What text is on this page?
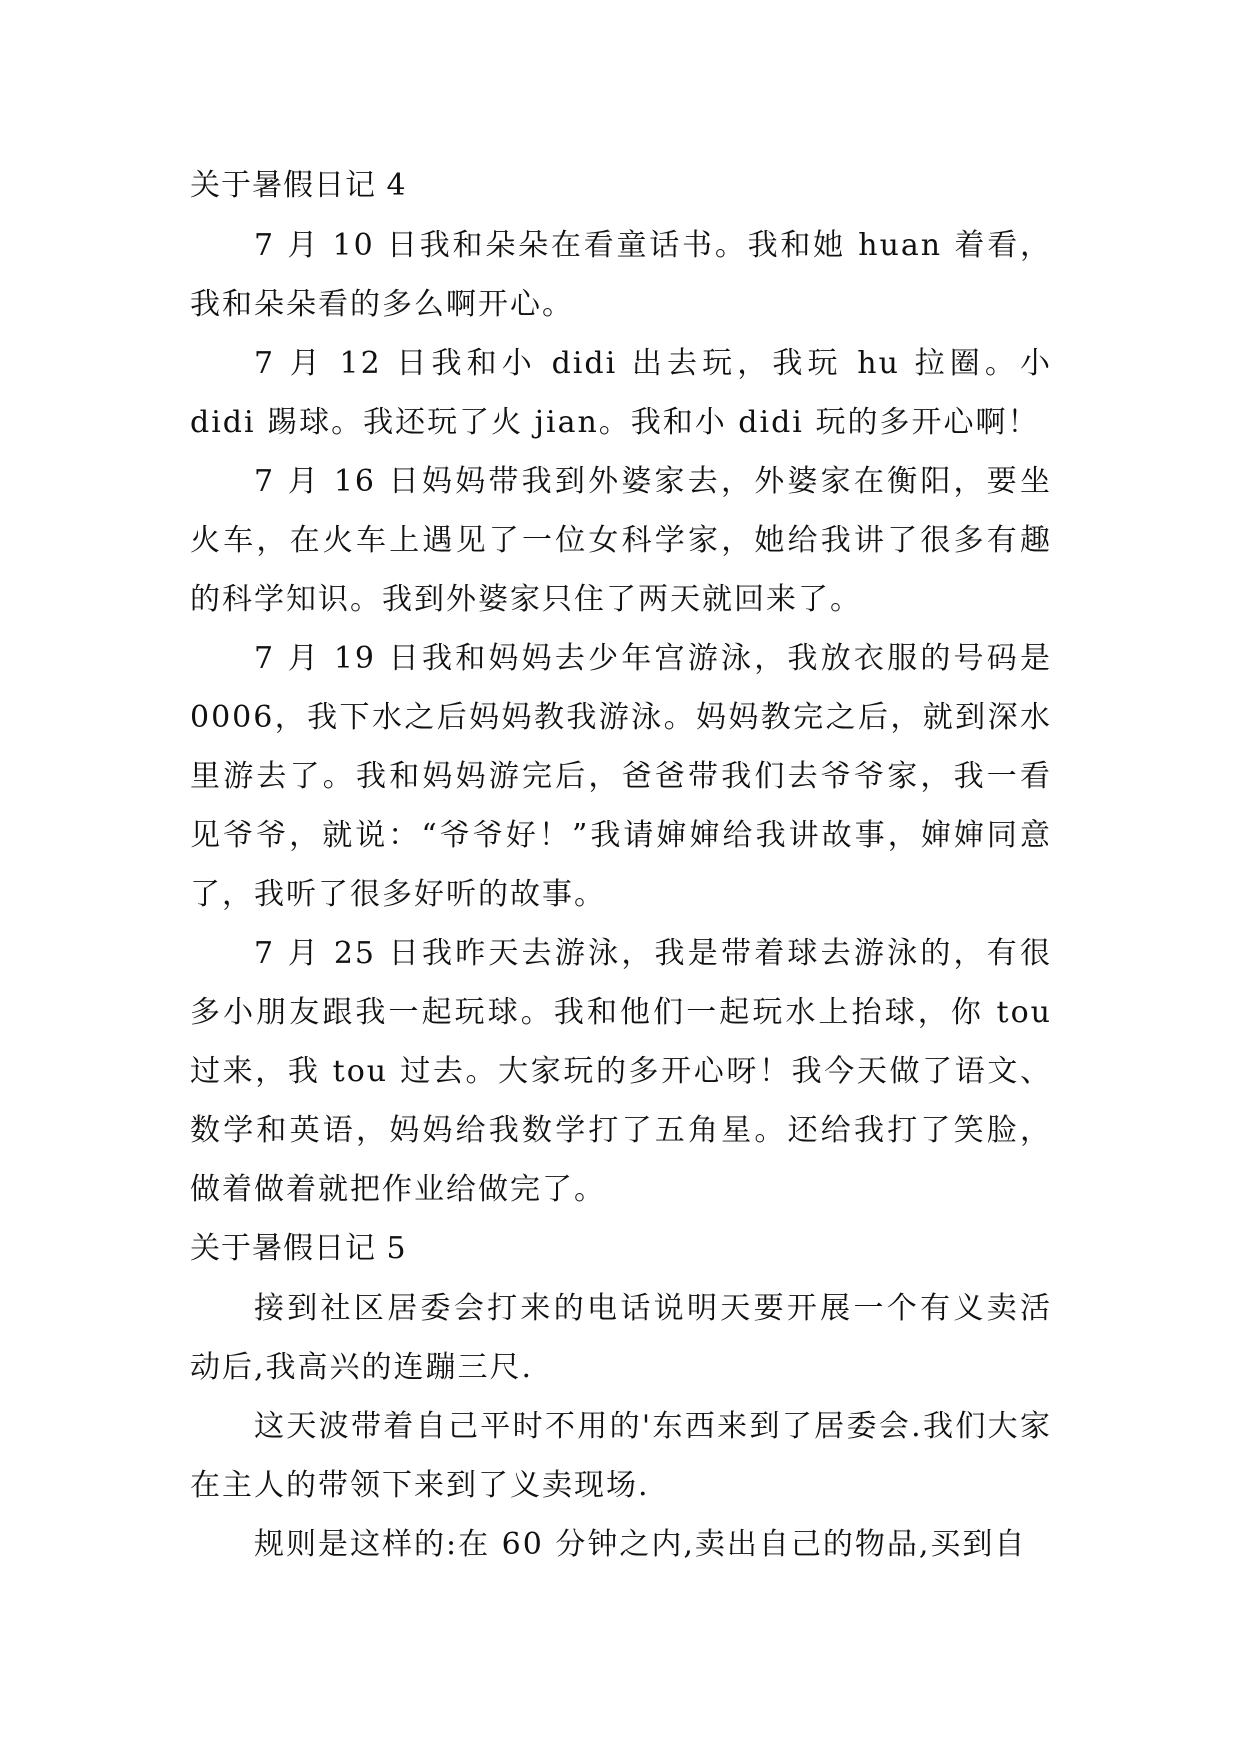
关于暑假日记 4

7 月 10 日我和朵朵在看童话书。我和她 huan 着看，我和朵朵看的多么啊开心。

7 月 12 日我和小 didi 出去玩，我玩 hu 拉圈。小 didi 踢球。我还玩了火 jian。我和小 didi 玩的多开心啊！

7 月 16 日妈妈带我到外婆家去，外婆家在衡阳，要坐火车，在火车上遇见了一位女科学家，她给我讲了很多有趣的科学知识。我到外婆家只住了两天就回来了。

7 月 19 日我和妈妈去少年宫游泳，我放衣服的号码是 0006，我下水之后妈妈教我游泳。妈妈教完之后，就到深水里游去了。我和妈妈游完后，爸爸带我们去爷爷家，我一看见爷爷，就说：“爷爷好！”我请婶婶给我讲故事，婶婶同意了，我听了很多好听的故事。

7 月 25 日我昨天去游泳，我是带着球去游泳的，有很多小朋友跟我一起玩球。我和他们一起玩水上抬球，你 tou 过来，我 tou 过去。大家玩的多开心呀！我今天做了语文、数学和英语，妈妈给我数学打了五角星。还给我打了笑脸，做着做着就把作业给做完了。

关于暑假日记 5

接到社区居委会打来的电话说明天要开展一个有义卖活动后,我高兴的连蹦三尺.

这天波带着自己平时不用的'东西来到了居委会.我们大家在主人的带领下来到了义卖现场.

规则是这样的:在 60 分钟之内,卖出自己的物品,买到自
